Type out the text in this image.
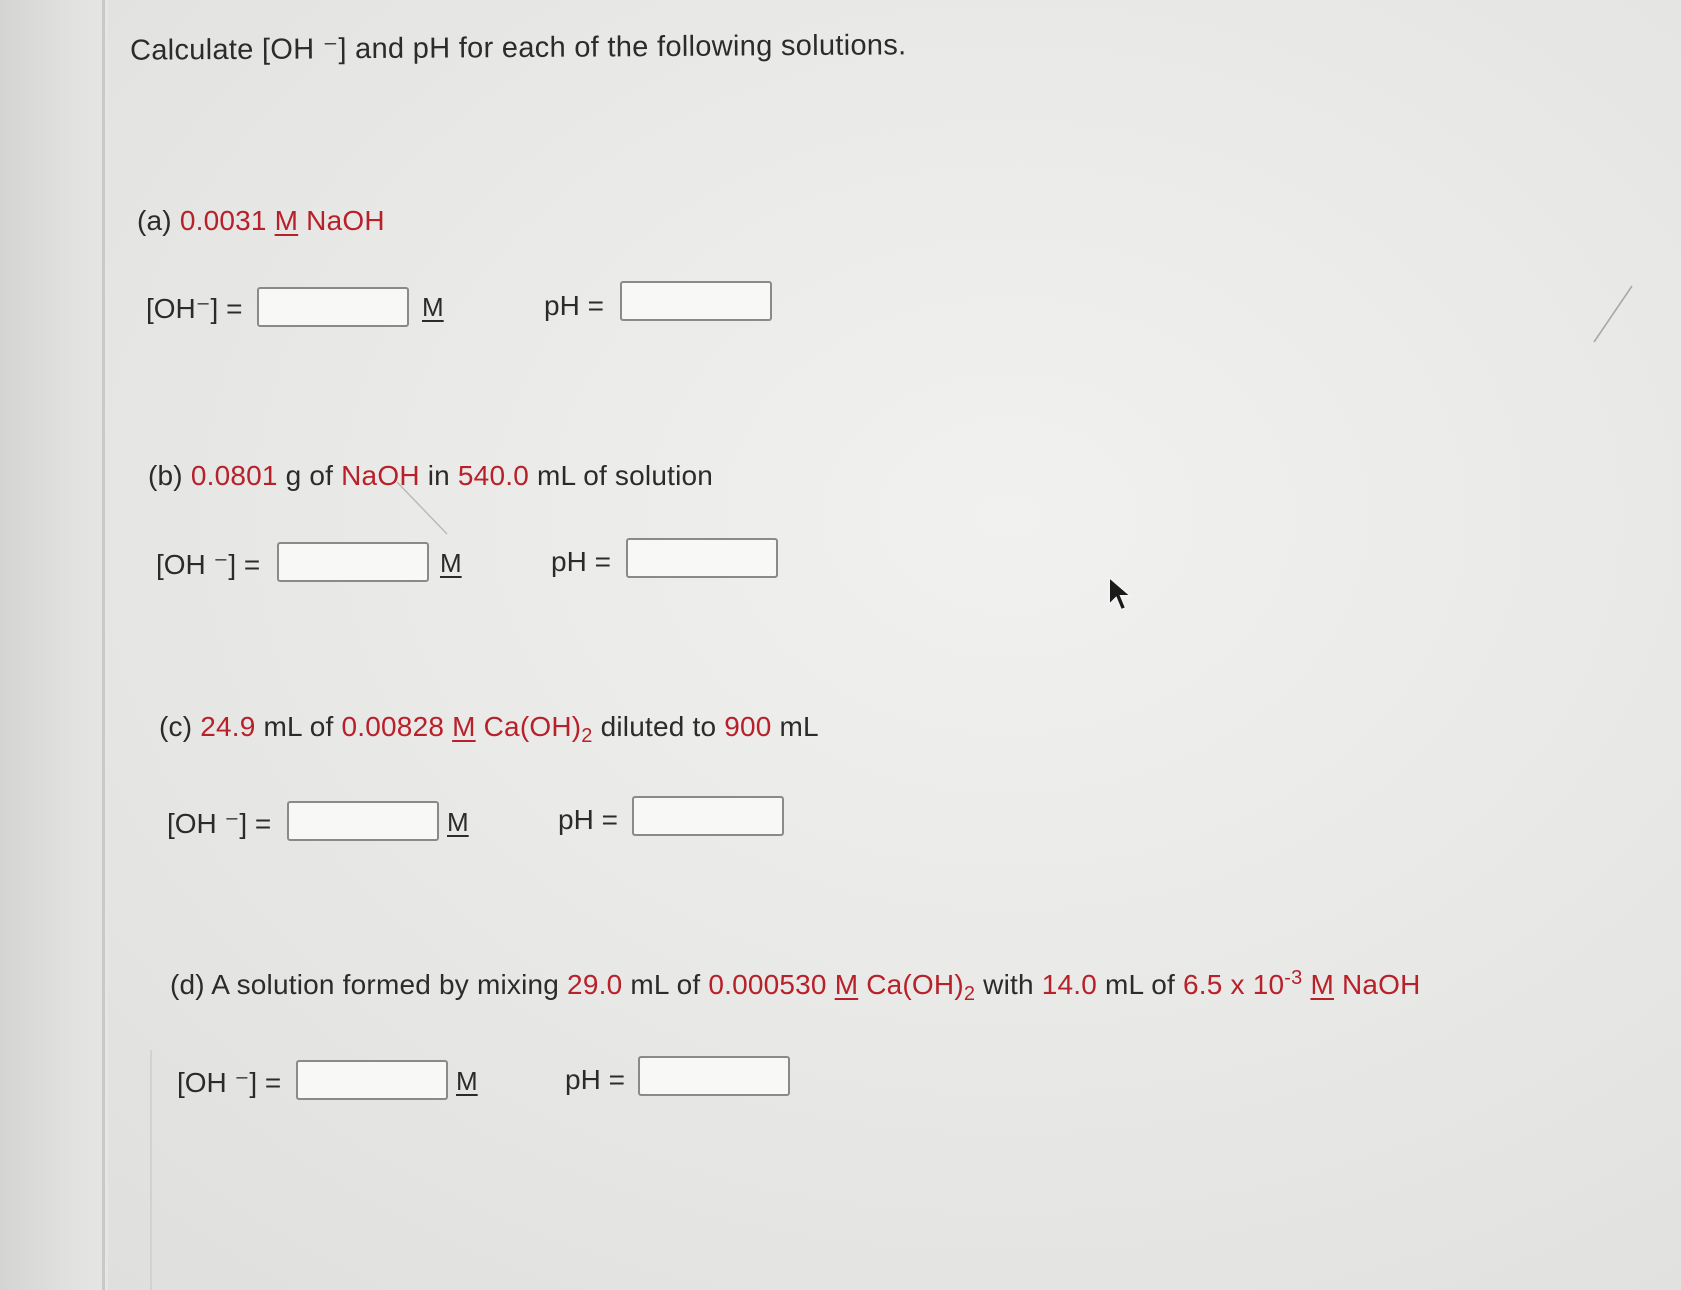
Calculate [OH ⁻] and pH for each of the following solutions.
(a) 0.0031 M NaOH
[OH⁻] =	M	pH =
(b) 0.0801 g of NaOH in 540.0 mL of solution
[OH ⁻] =	M	pH =
(c) 24.9 mL of 0.00828 M $Ca(OH)_2$ diluted to 900 mL
[OH ⁻] =	M	pH =
(d) A solution formed by mixing 29.0 mL of 0.000530 M $Ca(OH)_2$ with 14.0 mL of 6.5 x $10^{-3}$ M NaOH
[OH ⁻] =	M	pH =
